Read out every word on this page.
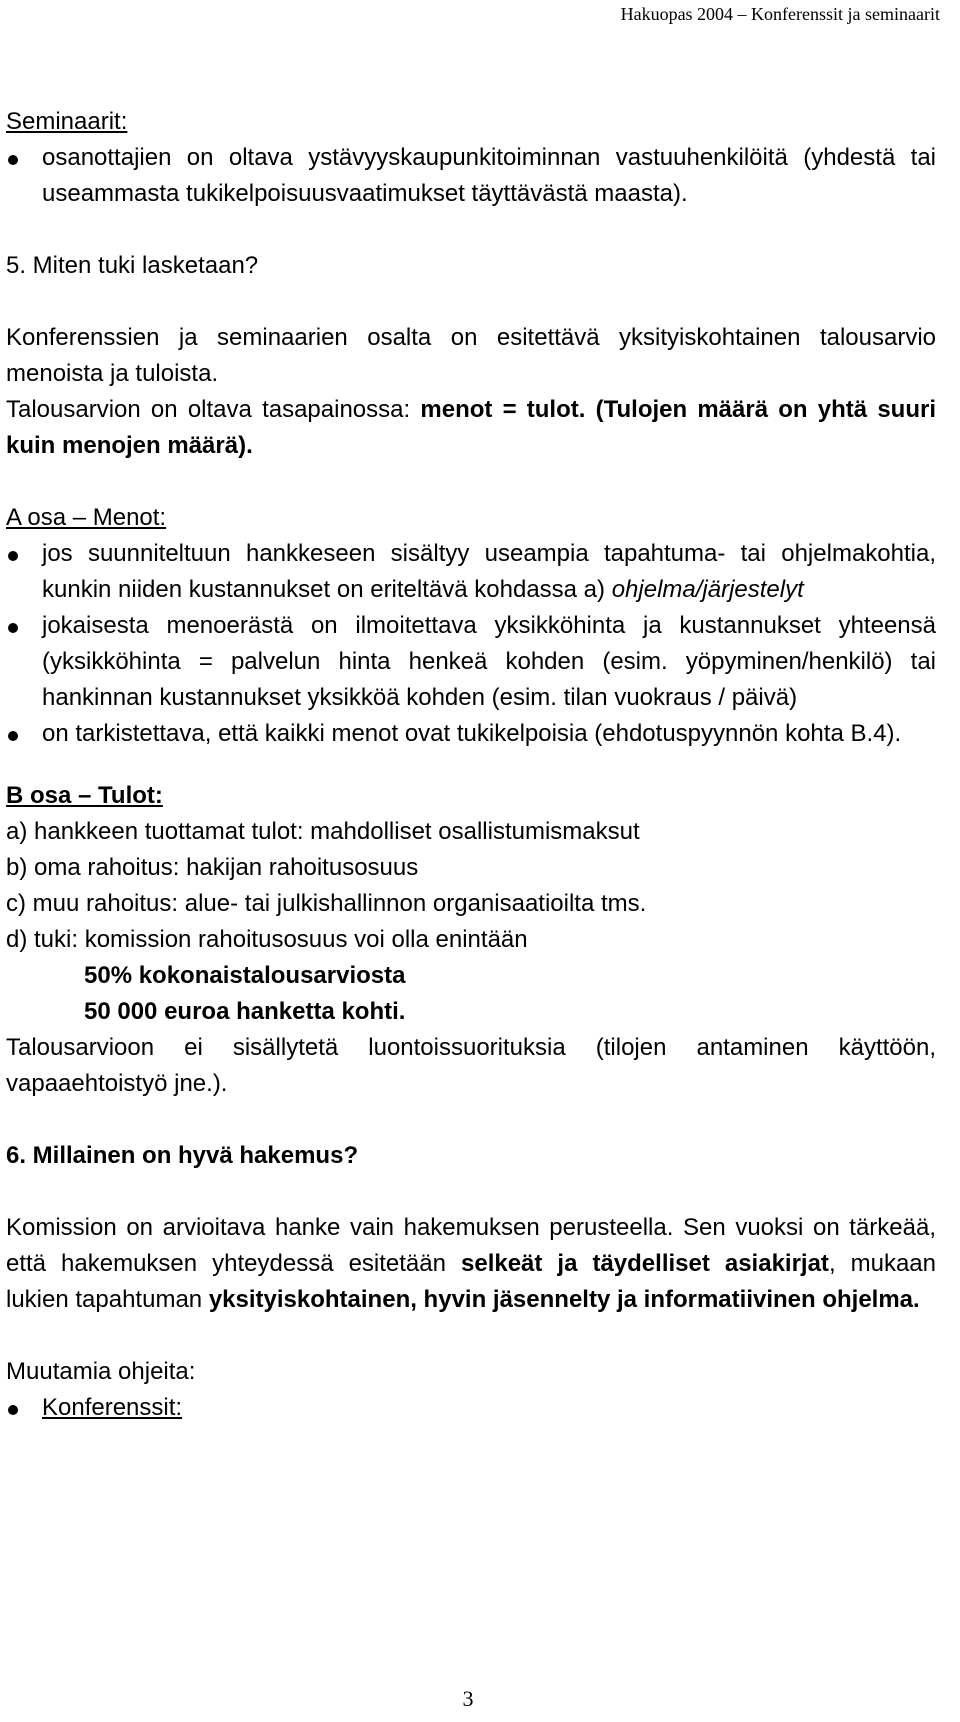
Hakuopas 2004 – Konferenssit ja seminaarit

Seminaarit:

osanottajien on oltava ystävyyskaupunkitoiminnan vastuuhenkilöitä (yhdestä tai useammasta tukikelpoisuusvaatimukset täyttävästä maasta).

5. Miten tuki lasketaan?

Konferenssien ja seminaarien osalta on esitettävä yksityiskohtainen talousarvio menoista ja tuloista.

Talousarvion on oltava tasapainossa: menot = tulot. (Tulojen määrä on yhtä suuri kuin menojen määrä).

A osa – Menot:

jos suunniteltuun hankkeseen sisältyy useampia tapahtuma- tai ohjelmakohtia, kunkin niiden kustannukset on eriteltävä kohdassa a) ohjelma/järjestelyt
jokaisesta menoerästä on ilmoitettava yksikköhinta ja kustannukset yhteensä (yksikköhinta = palvelun hinta henkeä kohden (esim. yöpyminen/henkilö) tai hankinnan kustannukset yksikköä kohden (esim. tilan vuokraus / päivä)
on tarkistettava, että kaikki menot ovat tukikelpoisia (ehdotuspyynnön kohta B.4).

B osa – Tulot:

a) hankkeen tuottamat tulot: mahdolliset osallistumismaksut

b) oma rahoitus: hakijan rahoitusosuus

c) muu rahoitus: alue- tai julkishallinnon organisaatioilta tms.

d) tuki: komission rahoitusosuus voi olla enintään

50% kokonaistalousarviosta

50 000 euroa hanketta kohti.

Talousarvioon ei sisällytetä luontoissuorituksia (tilojen antaminen käyttöön, vapaaehtoistyö jne.).

6. Millainen on hyvä hakemus?

Komission on arvioitava hanke vain hakemuksen perusteella. Sen vuoksi on tärkeää, että hakemuksen yhteydessä esitetään selkeät ja täydelliset asiakirjat, mukaan lukien tapahtuman yksityiskohtainen, hyvin jäsennelty ja informatiivinen ohjelma.

Muutamia ohjeita:

Konferenssit:
3
